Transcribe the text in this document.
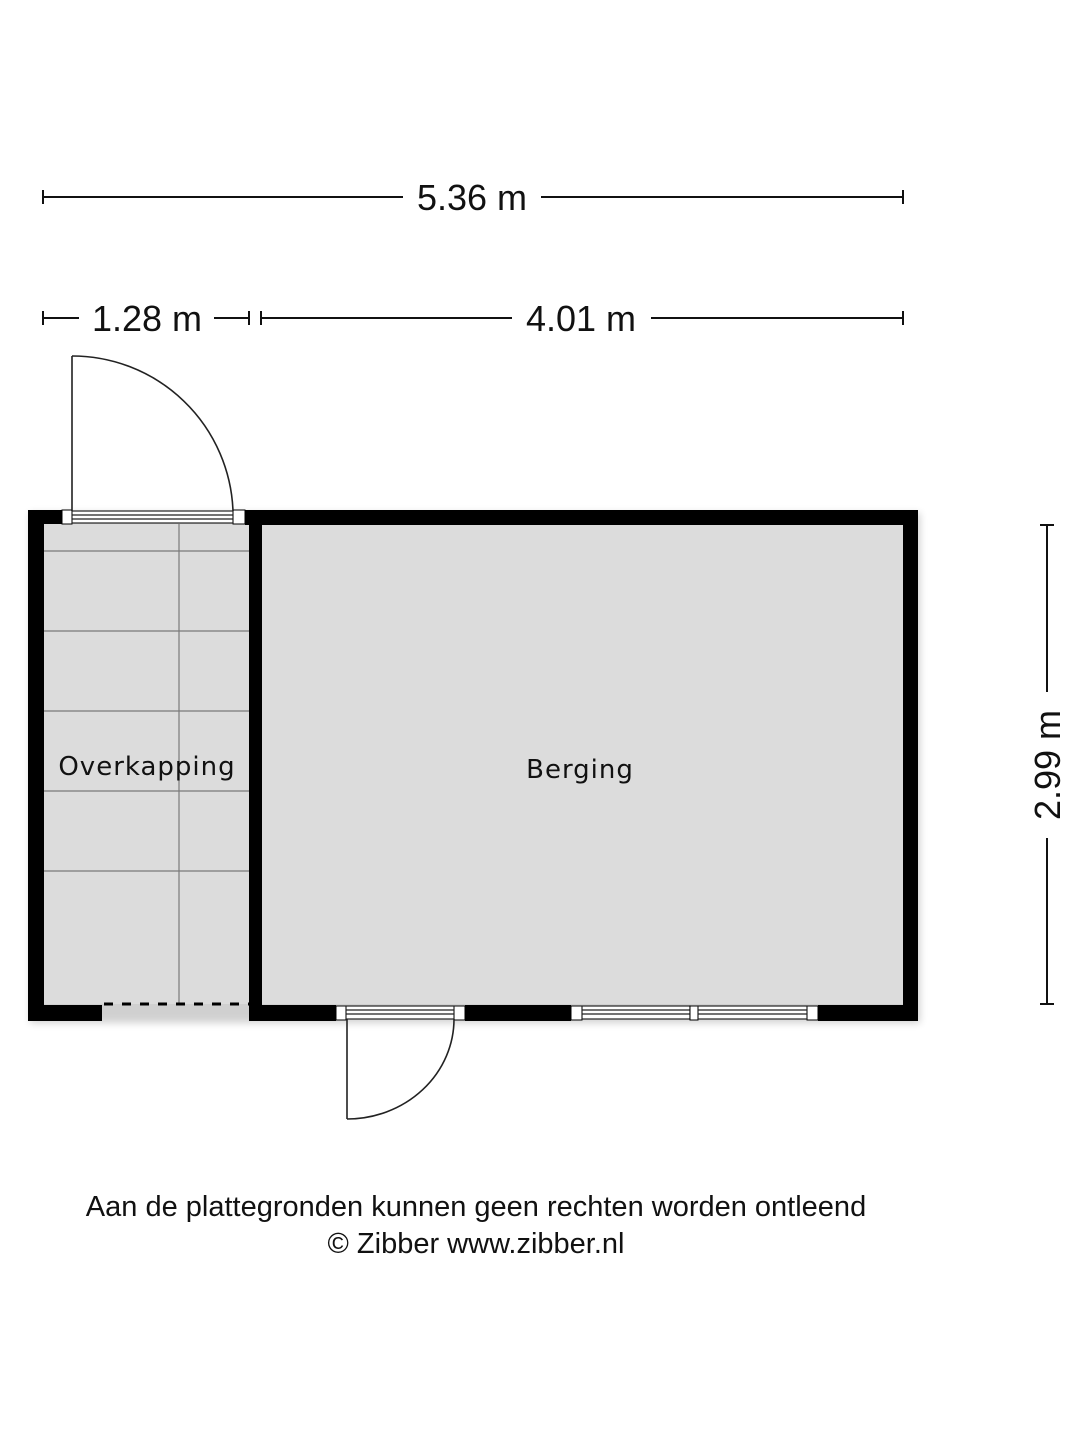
5.36 m
1.28 m	4.01 m
2.99 m
Overkapping	Berging
Aan de plattegronden kunnen geen rechten worden ontleend
© Zibber www.zibber.nl
